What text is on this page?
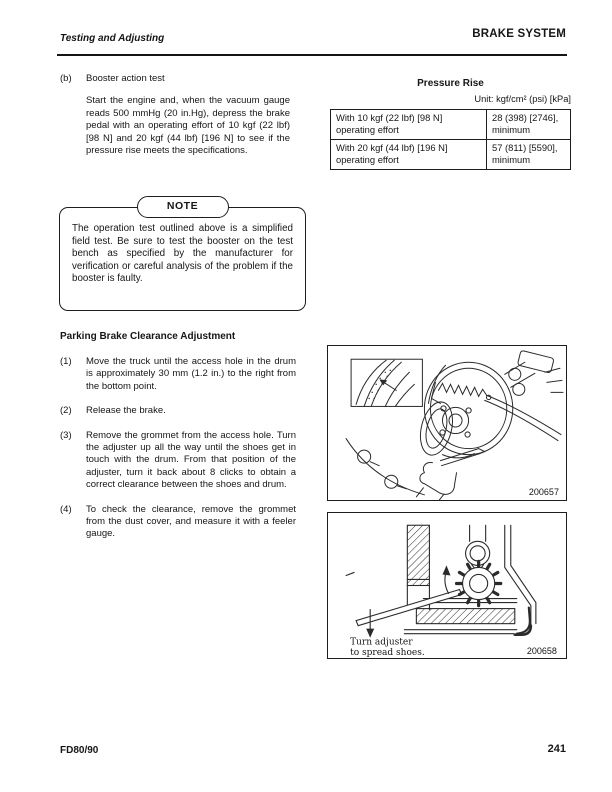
Testing and Adjusting	BRAKE SYSTEM
(b)	Booster action test
Start the engine and, when the vacuum gauge reads 500 mmHg (20 in.Hg), depress the brake pedal with an operating effort of 10 kgf (22 lbf) [98 N] and 20 kgf (44 lbf) [196 N] to see if the pressure rise meets the specifications.
NOTE
The operation test outlined above is a simplified field test. Be sure to test the booster on the test bench as specified by the manufacturer for verification or careful analysis of the problem if the booster is faulty.
Parking Brake Clearance Adjustment
(1)	Move the truck until the access hole in the drum is approximately 30 mm (1.2 in.) to the right from the bottom point.
(2)	Release the brake.
(3)	Remove the grommet from the access hole. Turn the adjuster up all the way until the shoes get in touch with the drum. From that position of the adjuster, turn it back about 8 clicks to obtain a correct clearance between the shoes and drum.
(4)	To check the clearance, remove the grommet from the dust cover, and measure it with a feeler gauge.
Pressure Rise
Unit: kgf/cm² (psi) [kPa]
With 10 kgf (22 lbf) [98 N] operating effort	28 (398) [2746], minimum
With 20 kgf (44 lbf) [196 N] operating effort	57 (811) [5590], minimum
200657
Turn adjuster
to spread shoes.	200658
FD80/90	241
